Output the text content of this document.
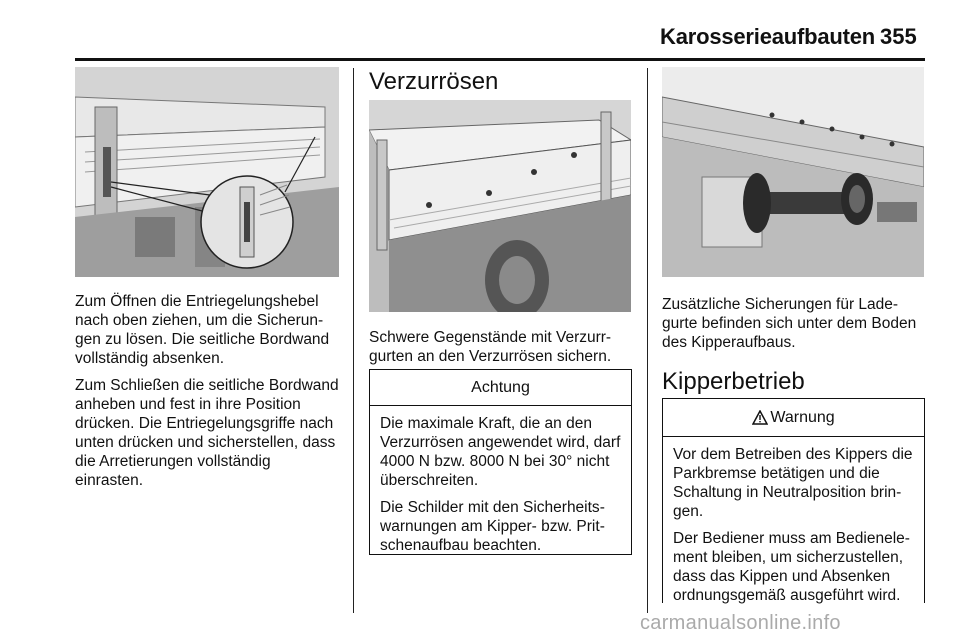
Karosserieaufbauten 355

Zum Öffnen die Entriegelungshebel nach oben ziehen, um die Sicherungen zu lösen. Die seitliche Bordwand vollständig absenken.

Zum Schließen die seitliche Bordwand anheben und fest in ihre Position drücken. Die Entriegelungsgriffe nach unten drücken und sicherstellen, dass die Arretierungen vollständig einrasten.

Verzurrösen
Schwere Gegenstände mit Verzurrgurten an den Verzurrösen sichern.
Achtung

Die maximale Kraft, die an den Verzurrösen angewendet wird, darf 4000 N bzw. 8000 N bei 30° nicht überschreiten.

Die Schilder mit den Sicherheitswarnungen am Kipper- bzw. Pritschenaufbau beachten.

Zusätzliche Sicherungen für Ladegurte befinden sich unter dem Boden des Kipperaufbaus.
Kipperbetrieb
Warnung

Vor dem Betreiben des Kippers die Parkbremse betätigen und die Schaltung in Neutralposition bringen.

Der Bediener muss am Bedienelement bleiben, um sicherzustellen, dass das Kippen und Absenken ordnungsgemäß ausgeführt wird.

carmanualsonline.info
